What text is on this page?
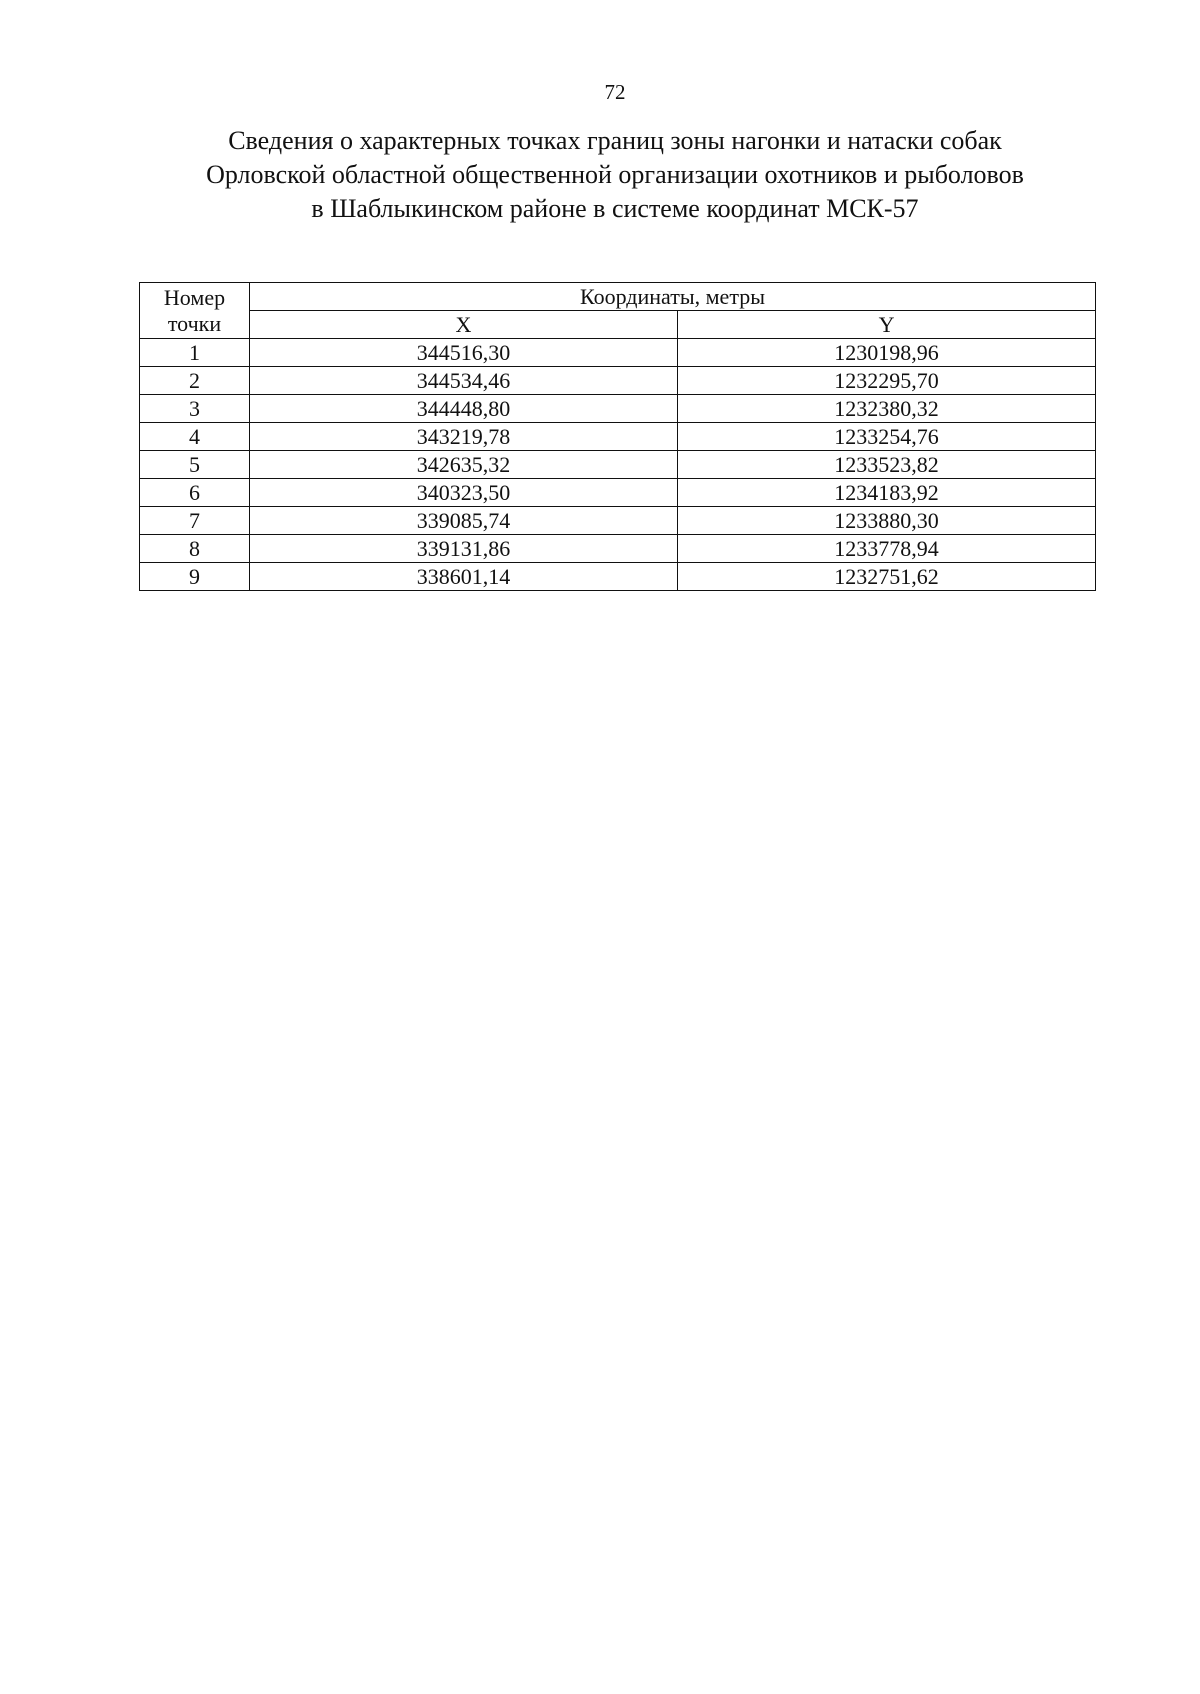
72
Сведения о характерных точках границ зоны нагонки и натаски собак
Орловской областной общественной организации охотников и рыболовов
в Шаблыкинском районе в системе координат МСК-57
Номер
точки	Координаты, метры	
	X	Y
1	344516,30	1230198,96
2	344534,46	1232295,70
3	344448,80	1232380,32
4	343219,78	1233254,76
5	342635,32	1233523,82
6	340323,50	1234183,92
7	339085,74	1233880,30
8	339131,86	1233778,94
9	338601,14	1232751,62
